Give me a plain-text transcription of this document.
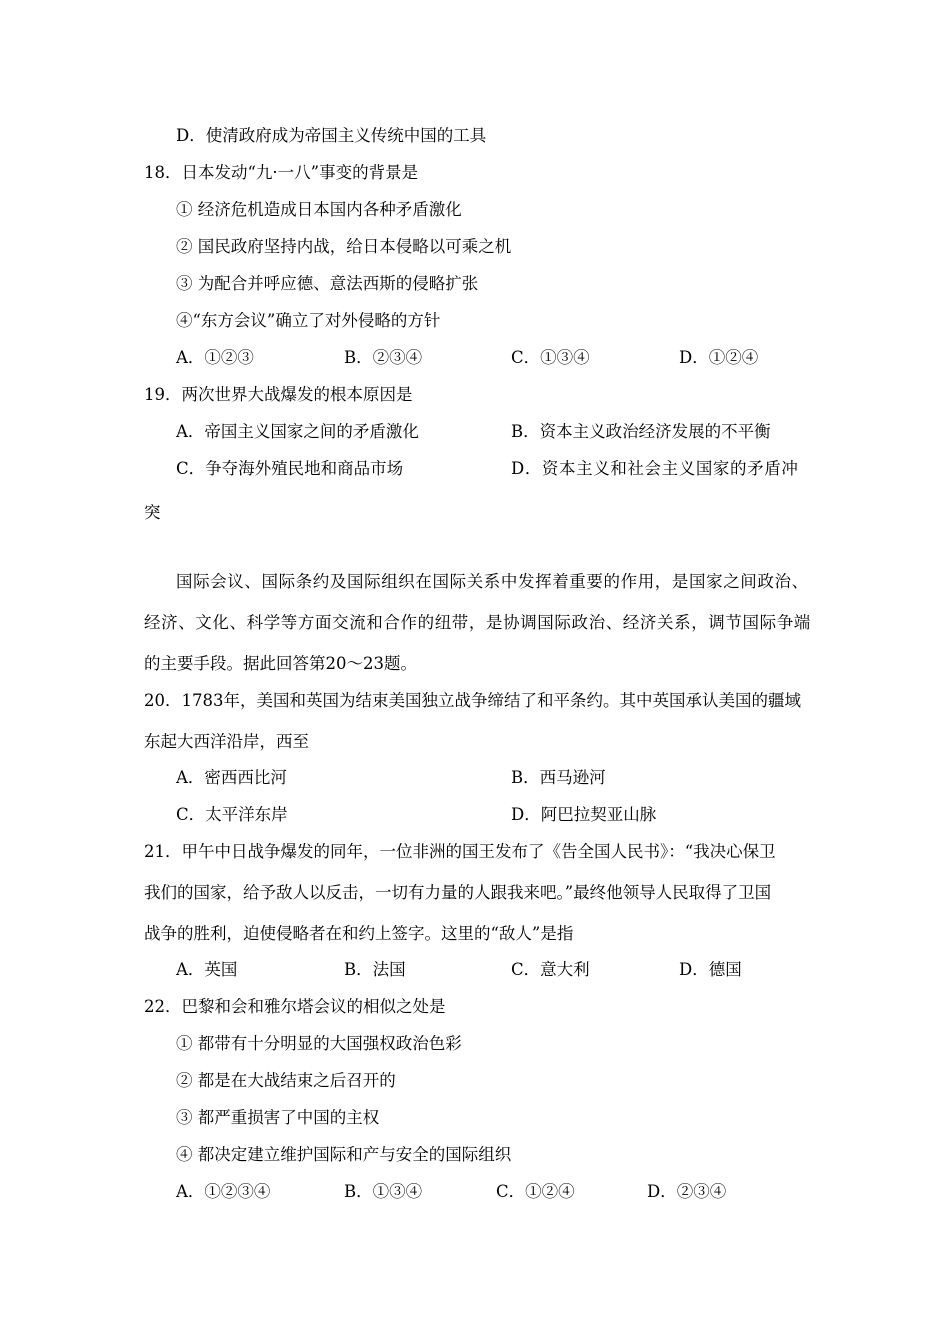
D．使清政府成为帝国主义传统中国的工具
18．日本发动“九·一八”事变的背景是
① 经济危机造成日本国内各种矛盾激化
② 国民政府坚持内战，给日本侵略以可乘之机
③ 为配合并呼应德、意法西斯的侵略扩张
④“东方会议”确立了对外侵略的方针
A．①②③	B．②③④	C．①③④	D．①②④
19．两次世界大战爆发的根本原因是
A．帝国主义国家之间的矛盾激化	B．资本主义政治经济发展的不平衡
C．争夺海外殖民地和商品市场	D．资本主义和社会主义国家的矛盾冲
突
国际会议、国际条约及国际组织在国际关系中发挥着重要的作用，是国家之间政治、
经济、文化、科学等方面交流和合作的纽带，是协调国际政治、经济关系，调节国际争端
的主要手段。据此回答第20～23题。
20．1783年，美国和英国为结束美国独立战争缔结了和平条约。其中英国承认美国的疆域
东起大西洋沿岸，西至
A．密西西比河	B．西马逊河
C．太平洋东岸	D．阿巴拉契亚山脉
21．甲午中日战争爆发的同年，一位非洲的国王发布了《告全国人民书》：“我决心保卫
我们的国家，给予敌人以反击，一切有力量的人跟我来吧。”最终他领导人民取得了卫国
战争的胜利，迫使侵略者在和约上签字。这里的“敌人”是指
A．英国	B．法国	C．意大利	D．德国
22．巴黎和会和雅尔塔会议的相似之处是
① 都带有十分明显的大国强权政治色彩
② 都是在大战结束之后召开的
③ 都严重损害了中国的主权
④ 都决定建立维护国际和产与安全的国际组织
A．①②③④	B．①③④	C．①②④	D．②③④
